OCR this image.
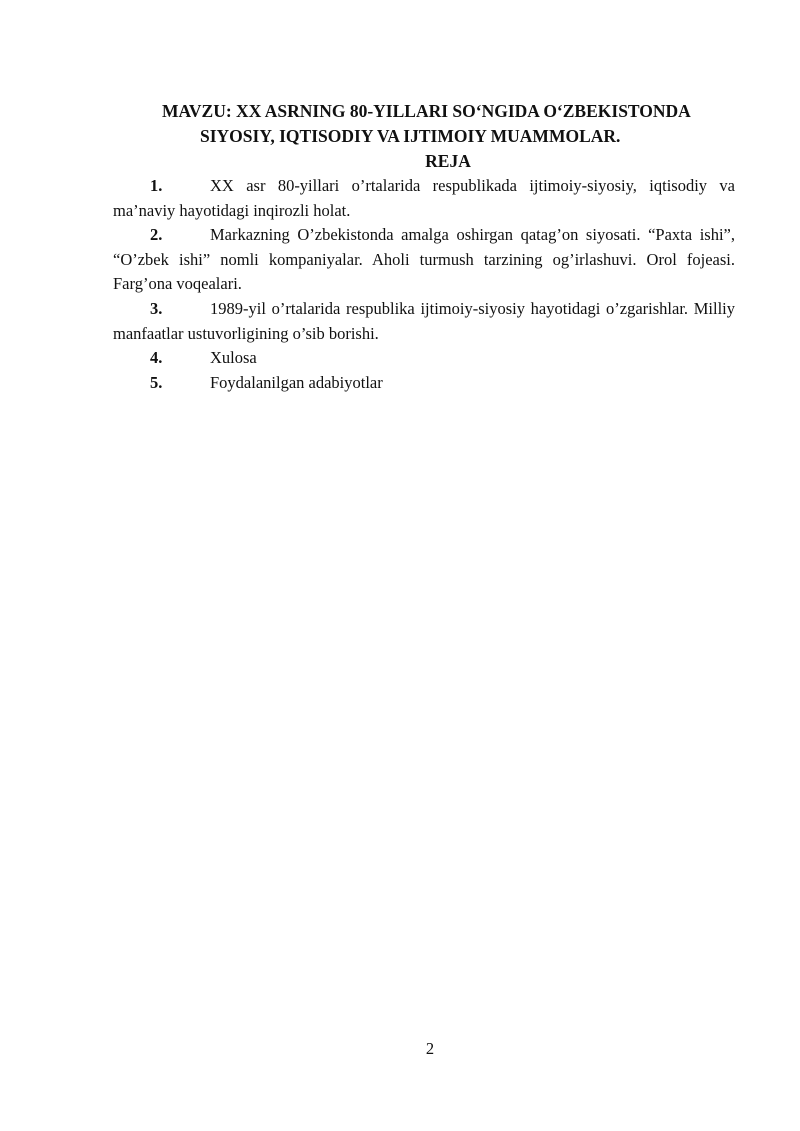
MAVZU: XX ASRNING 80-YILLARI SO‘NGIDA O‘ZBEKISTONDA
SIYOSIY, IQTISODIY VA IJTIMOIY MUAMMOLAR.
REJA

1.	XX asr 80-yillari o’rtalarida respublikada ijtimoiy-siyosiy, iqtisodiy va ma’naviy hayotidagi inqirozli holat.

2.	Markazning O’zbekistonda amalga oshirgan qatag’on siyosati. “Paxta ishi”, “O’zbek ishi” nomli kompaniyalar. Aholi turmush tarzining og’irlashuvi. Orol fojeasi. Farg’ona voqealari.

3.	1989-yil o’rtalarida respublika ijtimoiy-siyosiy hayotidagi o’zgarishlar. Milliy manfaatlar ustuvorligining o’sib borishi.

4.	Xulosa

5.	Foydalanilgan adabiyotlar

2
